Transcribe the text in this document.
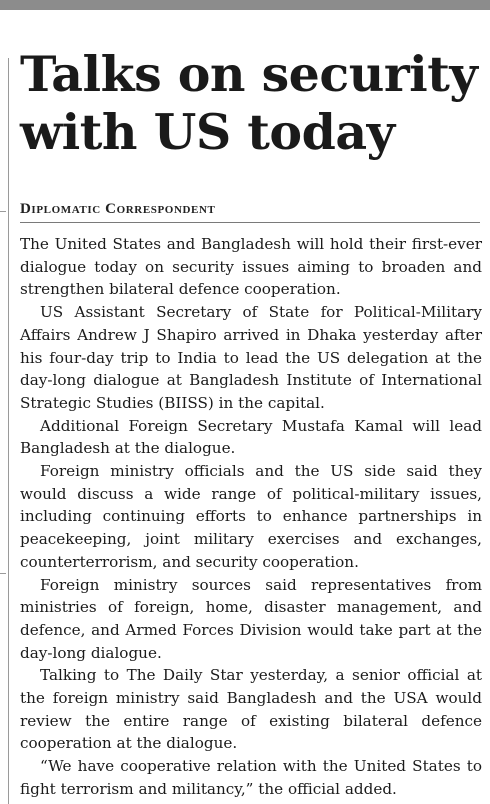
Talks on security with US today
Diplomatic Correspondent

The United States and Bangladesh will hold their first-ever dialogue today on security issues aiming to broaden and strengthen bilateral defence cooperation.

US Assistant Secretary of State for Political-Military Affairs Andrew J Shapiro arrived in Dhaka yesterday after his four-day trip to India to lead the US delegation at the day-long dialogue at Bangladesh Institute of International Strategic Studies (BIISS) in the capital.

Additional Foreign Secretary Mustafa Kamal will lead Bangladesh at the dialogue.

Foreign ministry officials and the US side said they would discuss a wide range of political-military issues, including continuing efforts to enhance partnerships in peacekeeping, joint military exercises and exchanges, counterterrorism, and security cooperation.

Foreign ministry sources said representatives from ministries of foreign, home, disaster management, and defence, and Armed Forces Division would take part at the day-long dialogue.

Talking to The Daily Star yesterday, a senior official at the foreign ministry said Bangladesh and the USA would review the entire range of existing bilateral defence cooperation at the dialogue.

“We have cooperative relation with the United States to fight terrorism and militancy,” the official added.
